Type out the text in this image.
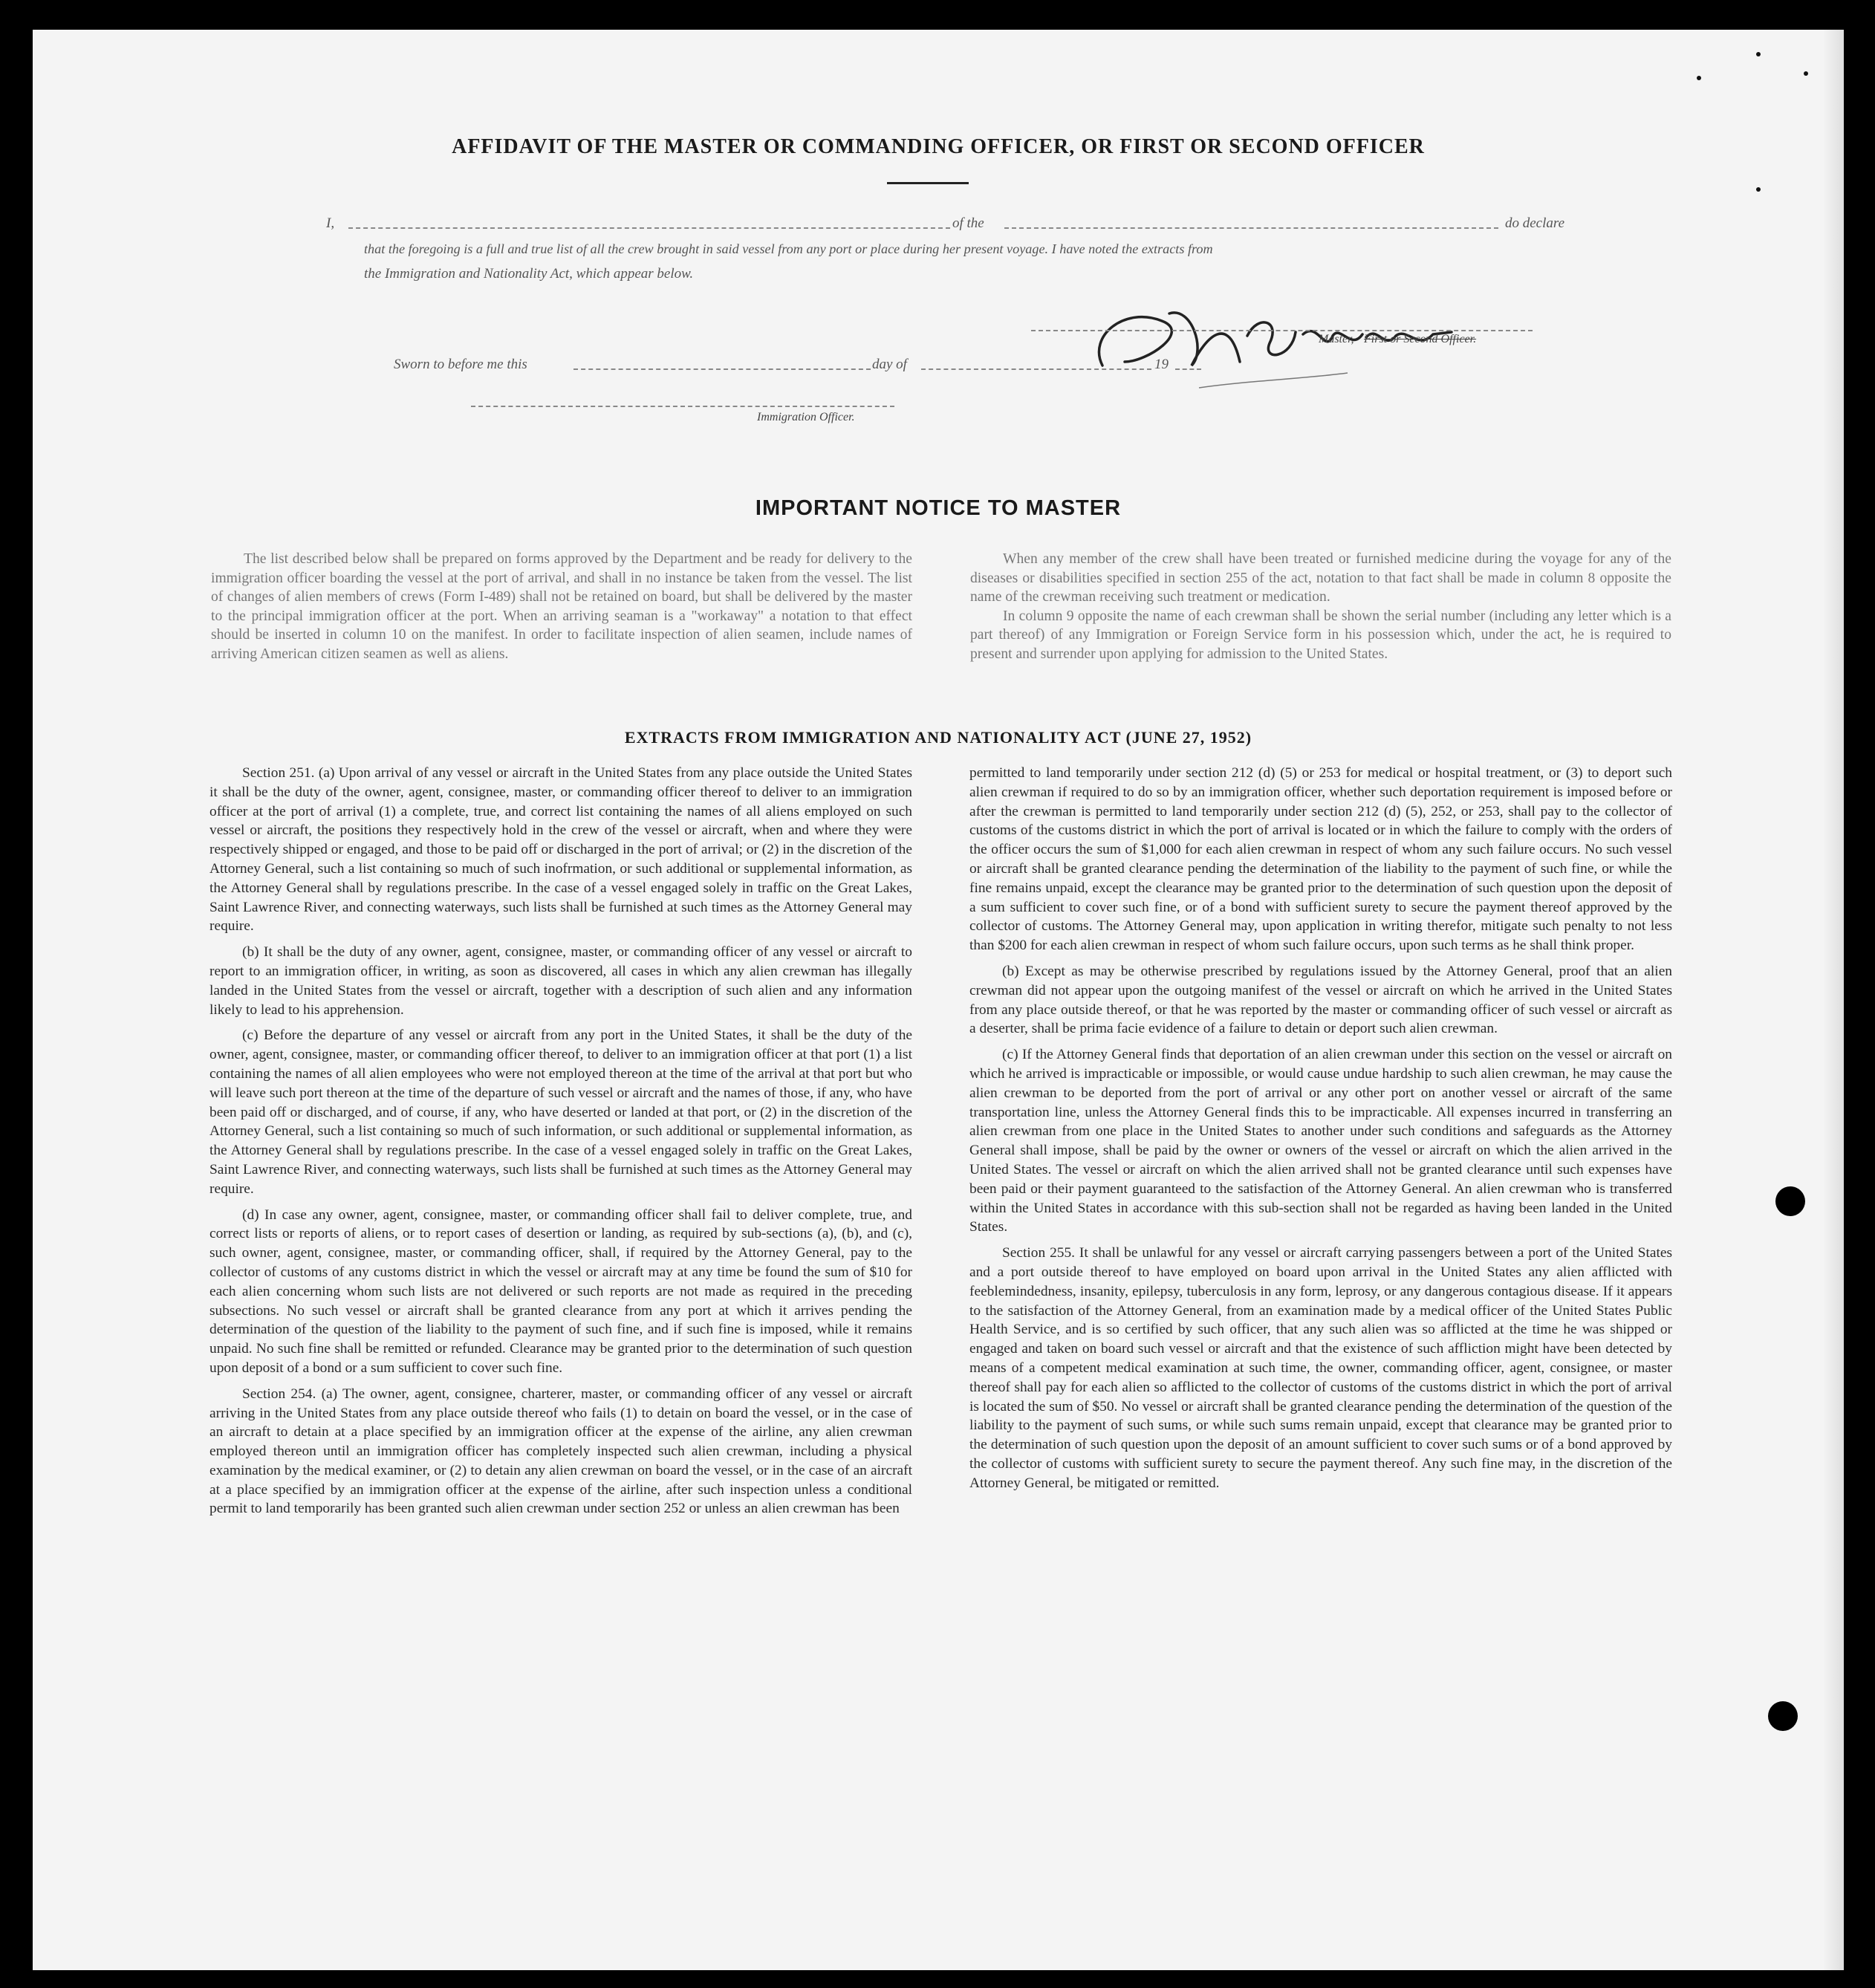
AFFIDAVIT OF THE MASTER OR COMMANDING OFFICER, OR FIRST OR SECOND OFFICER
I,	of the	do declare
that the foregoing is a full and true list of all the crew brought in said vessel from any port or place during her present voyage. I have noted the extracts from
the Immigration and Nationality Act, which appear below.
R. M. Doe Hunan
Master, First or Second Officer.
Sworn to before me this	day of	19
Immigration Officer.
IMPORTANT NOTICE TO MASTER

The list described below shall be prepared on forms approved by the Department and be ready for delivery to the immigration officer boarding the vessel at the port of arrival, and shall in no instance be taken from the vessel. The list of changes of alien members of crews (Form I-489) shall not be retained on board, but shall be delivered by the master to the principal immigration officer at the port. When an arriving seaman is a "workaway" a notation to that effect should be inserted in column 10 on the manifest. In order to facilitate inspection of alien seamen, include names of arriving American citizen seamen as well as aliens.

When any member of the crew shall have been treated or furnished medicine during the voyage for any of the diseases or disabilities specified in section 255 of the act, notation to that fact shall be made in column 8 opposite the name of the crewman receiving such treatment or medication.

In column 9 opposite the name of each crewman shall be shown the serial number (including any letter which is a part thereof) of any Immigration or Foreign Service form in his possession which, under the act, he is required to present and surrender upon applying for admission to the United States.

EXTRACTS FROM IMMIGRATION AND NATIONALITY ACT (JUNE 27, 1952)

Section 251. (a) Upon arrival of any vessel or aircraft in the United States from any place outside the United States it shall be the duty of the owner, agent, consignee, master, or commanding officer thereof to deliver to an immigration officer at the port of arrival (1) a complete, true, and correct list containing the names of all aliens employed on such vessel or aircraft, the positions they respectively hold in the crew of the vessel or aircraft, when and where they were respectively shipped or engaged, and those to be paid off or discharged in the port of arrival; or (2) in the discretion of the Attorney General, such a list containing so much of such inofrmation, or such additional or supplemental information, as the Attorney General shall by regulations prescribe. In the case of a vessel engaged solely in traffic on the Great Lakes, Saint Lawrence River, and connecting waterways, such lists shall be furnished at such times as the Attorney General may require.

(b) It shall be the duty of any owner, agent, consignee, master, or commanding officer of any vessel or aircraft to report to an immigration officer, in writing, as soon as discovered, all cases in which any alien crewman has illegally landed in the United States from the vessel or aircraft, together with a description of such alien and any information likely to lead to his apprehension.

(c) Before the departure of any vessel or aircraft from any port in the United States, it shall be the duty of the owner, agent, consignee, master, or commanding officer thereof, to deliver to an immigration officer at that port (1) a list containing the names of all alien employees who were not employed thereon at the time of the arrival at that port but who will leave such port thereon at the time of the departure of such vessel or aircraft and the names of those, if any, who have been paid off or discharged, and of course, if any, who have deserted or landed at that port, or (2) in the discretion of the Attorney General, such a list containing so much of such information, or such additional or supplemental information, as the Attorney General shall by regulations prescribe. In the case of a vessel engaged solely in traffic on the Great Lakes, Saint Lawrence River, and connecting waterways, such lists shall be furnished at such times as the Attorney General may require.

(d) In case any owner, agent, consignee, master, or commanding officer shall fail to deliver complete, true, and correct lists or reports of aliens, or to report cases of desertion or landing, as required by sub-sections (a), (b), and (c), such owner, agent, consignee, master, or commanding officer, shall, if required by the Attorney General, pay to the collector of customs of any customs district in which the vessel or aircraft may at any time be found the sum of $10 for each alien concerning whom such lists are not delivered or such reports are not made as required in the preceding subsections. No such vessel or aircraft shall be granted clearance from any port at which it arrives pending the determination of the question of the liability to the payment of such fine, and if such fine is imposed, while it remains unpaid. No such fine shall be remitted or refunded. Clearance may be granted prior to the determination of such question upon deposit of a bond or a sum sufficient to cover such fine.

Section 254. (a) The owner, agent, consignee, charterer, master, or commanding officer of any vessel or aircraft arriving in the United States from any place outside thereof who fails (1) to detain on board the vessel, or in the case of an aircraft to detain at a place specified by an immigration officer at the expense of the airline, any alien crewman employed thereon until an immigration officer has completely inspected such alien crewman, including a physical examination by the medical examiner, or (2) to detain any alien crewman on board the vessel, or in the case of an aircraft at a place specified by an immigration officer at the expense of the airline, after such inspection unless a conditional permit to land temporarily has been granted such alien crewman under section 252 or unless an alien crewman has been

permitted to land temporarily under section 212 (d) (5) or 253 for medical or hospital treatment, or (3) to deport such alien crewman if required to do so by an immigration officer, whether such deportation requirement is imposed before or after the crewman is permitted to land temporarily under section 212 (d) (5), 252, or 253, shall pay to the collector of customs of the customs district in which the port of arrival is located or in which the failure to comply with the orders of the officer occurs the sum of $1,000 for each alien crewman in respect of whom any such failure occurs. No such vessel or aircraft shall be granted clearance pending the determination of the liability to the payment of such fine, or while the fine remains unpaid, except the clearance may be granted prior to the determination of such question upon the deposit of a sum sufficient to cover such fine, or of a bond with sufficient surety to secure the payment thereof approved by the collector of customs. The Attorney General may, upon application in writing therefor, mitigate such penalty to not less than $200 for each alien crewman in respect of whom such failure occurs, upon such terms as he shall think proper.

(b) Except as may be otherwise prescribed by regulations issued by the Attorney General, proof that an alien crewman did not appear upon the outgoing manifest of the vessel or aircraft on which he arrived in the United States from any place outside thereof, or that he was reported by the master or commanding officer of such vessel or aircraft as a deserter, shall be prima facie evidence of a failure to detain or deport such alien crewman.

(c) If the Attorney General finds that deportation of an alien crewman under this section on the vessel or aircraft on which he arrived is impracticable or impossible, or would cause undue hardship to such alien crewman, he may cause the alien crewman to be deported from the port of arrival or any other port on another vessel or aircraft of the same transportation line, unless the Attorney General finds this to be impracticable. All expenses incurred in transferring an alien crewman from one place in the United States to another under such conditions and safeguards as the Attorney General shall impose, shall be paid by the owner or owners of the vessel or aircraft on which the alien arrived in the United States. The vessel or aircraft on which the alien arrived shall not be granted clearance until such expenses have been paid or their payment guaranteed to the satisfaction of the Attorney General. An alien crewman who is transferred within the United States in accordance with this sub-section shall not be regarded as having been landed in the United States.

Section 255. It shall be unlawful for any vessel or aircraft carrying passengers between a port of the United States and a port outside thereof to have employed on board upon arrival in the United States any alien afflicted with feeblemindedness, insanity, epilepsy, tuberculosis in any form, leprosy, or any dangerous contagious disease. If it appears to the satisfaction of the Attorney General, from an examination made by a medical officer of the United States Public Health Service, and is so certified by such officer, that any such alien was so afflicted at the time he was shipped or engaged and taken on board such vessel or aircraft and that the existence of such affliction might have been detected by means of a competent medical examination at such time, the owner, commanding officer, agent, consignee, or master thereof shall pay for each alien so afflicted to the collector of customs of the customs district in which the port of arrival is located the sum of $50. No vessel or aircraft shall be granted clearance pending the determination of the question of the liability to the payment of such sums, or while such sums remain unpaid, except that clearance may be granted prior to the determination of such question upon the deposit of an amount sufficient to cover such sums or of a bond approved by the collector of customs with sufficient surety to secure the payment thereof. Any such fine may, in the discretion of the Attorney General, be mitigated or remitted.
